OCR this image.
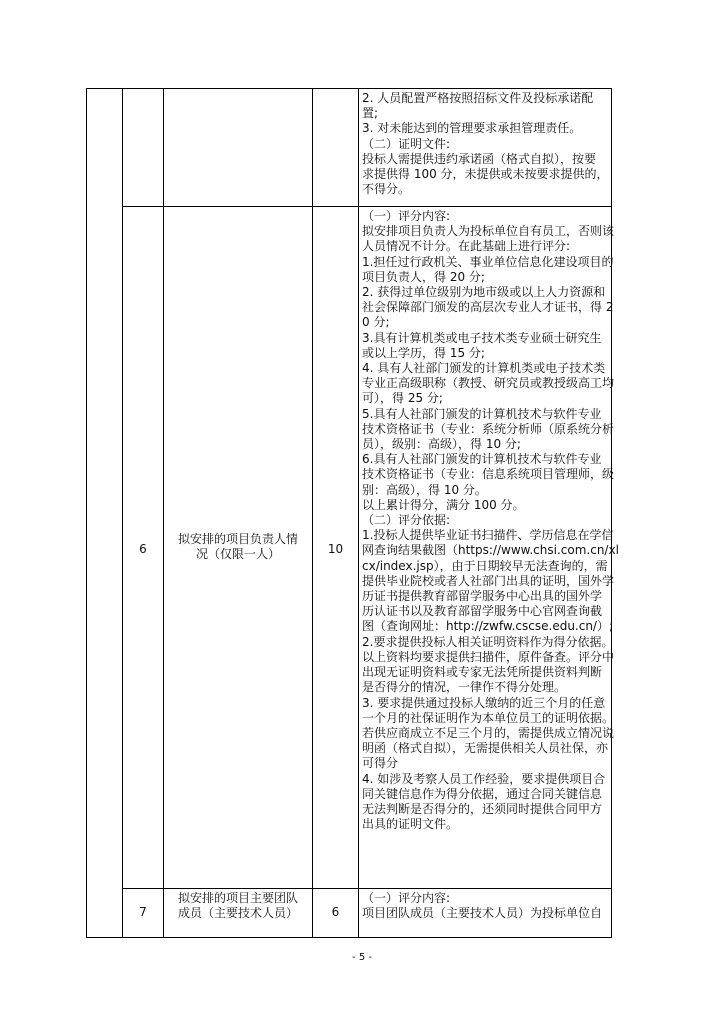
2. 人员配置严格按照招标文件及投标承诺配
置;
3. 对未能达到的管理要求承担管理责任。
（二）证明文件:
投标人需提供违约承诺函（格式自拟），按要
求提供得 100 分，未提供或未按要求提供的，
不得分。
6
拟安排的项目负责人情
况（仅限一人）	10
（一）评分内容:
拟安排项目负责人为投标单位自有员工，否则该
人员情况不计分。在此基础上进行评分:
1.担任过行政机关、事业单位信息化建设项目的
项目负责人，得 20 分;
2. 获得过单位级别为地市级或以上人力资源和
社会保障部门颁发的高层次专业人才证书，得 2
0 分;
3.具有计算机类或电子技术类专业硕士研究生
或以上学历，得 15 分;
4. 具有人社部门颁发的计算机类或电子技术类
专业正高级职称（教授、研究员或教授级高工均
可），得 25 分;
5.具有人社部门颁发的计算机技术与软件专业
技术资格证书（专业：系统分析师（原系统分析
员），级别：高级），得 10 分;
6.具有人社部门颁发的计算机技术与软件专业
技术资格证书（专业：信息系统项目管理师，级
别：高级），得 10 分。
以上累计得分，满分 100 分。
（二）评分依据:
1.投标人提供毕业证书扫描件、学历信息在学信
网查询结果截图（https://www.chsi.com.cn/xl
cx/index.jsp），由于日期较早无法查询的，需
提供毕业院校或者人社部门出具的证明，国外学
历证书提供教育部留学服务中心出具的国外学
历认证书以及教育部留学服务中心官网查询截
图（查询网址：http://zwfw.cscse.edu.cn/）;
2.要求提供投标人相关证明资料作为得分依据。
以上资料均要求提供扫描件，原件备查。评分中
出现无证明资料或专家无法凭所提供资料判断
是否得分的情况，一律作不得分处理。
3. 要求提供通过投标人缴纳的近三个月的任意
一个月的社保证明作为本单位员工的证明依据。
若供应商成立不足三个月的，需提供成立情况说
明函（格式自拟），无需提供相关人员社保，亦
可得分
4. 如涉及考察人员工作经验，要求提供项目合
同关键信息作为得分依据，通过合同关键信息
无法判断是否得分的，还须同时提供合同甲方
出具的证明文件。
7
拟安排的项目主要团队
成员（主要技术人员）	6
（一）评分内容:
项目团队成员（主要技术人员）为投标单位自
- 5 -
